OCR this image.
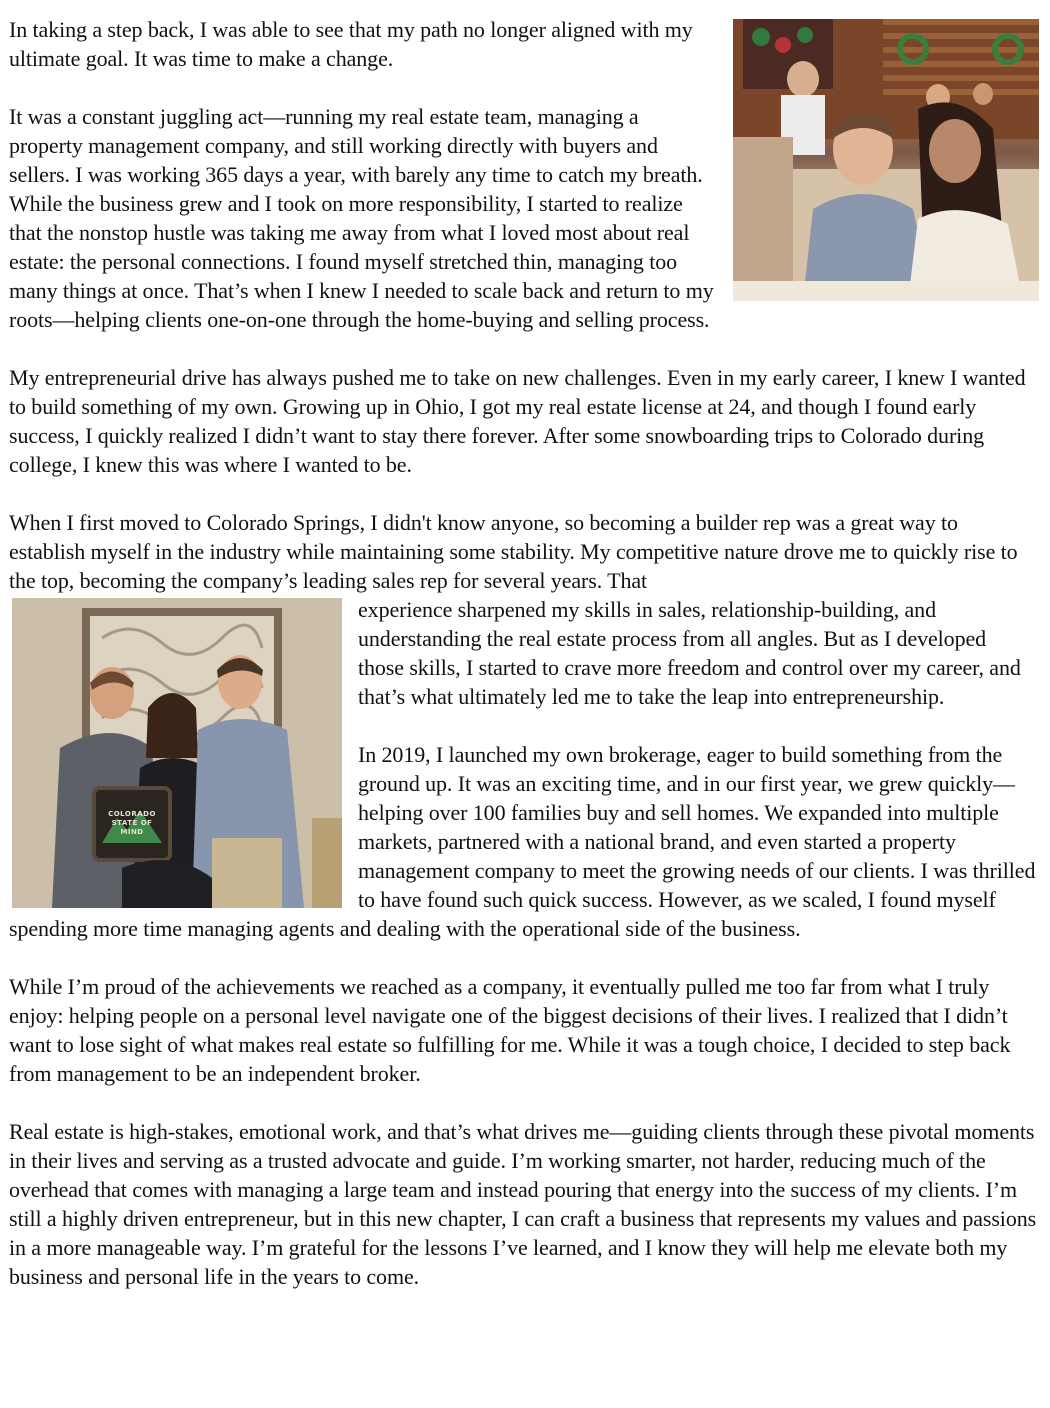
In taking a step back, I was able to see that my path no longer aligned with my ultimate goal. It was time to make a change.

It was a constant juggling act—running my real estate team, managing a property management company, and still working directly with buyers and sellers. I was working 365 days a year, with barely any time to catch my breath. While the business grew and I took on more responsibility, I started to realize that the nonstop hustle was taking me away from what I loved most about real estate: the personal connections. I found myself stretched thin, managing too many things at once. That’s when I knew I needed to scale back and return to my roots—helping clients one-on-one through the home-buying and selling process.

My entrepreneurial drive has always pushed me to take on new challenges. Even in my early career, I knew I wanted to build something of my own. Growing up in Ohio, I got my real estate license at 24, and though I found early success, I quickly realized I didn’t want to stay there forever. After some snowboarding trips to Colorado during college, I knew this was where I wanted to be.

When I first moved to Colorado Springs, I didn't know anyone, so becoming a builder rep was a great way to establish myself in the industry while maintaining some stability. My competitive nature drove me to quickly rise to the top, becoming the company’s leading sales rep for several years. That

COLORADO STATE OF MIND

experience sharpened my skills in sales, relationship-building, and understanding the real estate process from all angles. But as I developed those skills, I started to crave more freedom and control over my career, and that’s what ultimately led me to take the leap into entrepreneurship.

In 2019, I launched my own brokerage, eager to build something from the ground up. It was an exciting time, and in our first year, we grew quickly—helping over 100 families buy and sell homes. We expanded into multiple markets, partnered with a national brand, and even started a property management company to meet the growing needs of our clients. I was thrilled to have found such quick success. However, as we scaled, I found myself spending more time managing agents and dealing with the operational side of the business.

While I’m proud of the achievements we reached as a company, it eventually pulled me too far from what I truly enjoy: helping people on a personal level navigate one of the biggest decisions of their lives. I realized that I didn’t want to lose sight of what makes real estate so fulfilling for me. While it was a tough choice, I decided to step back from management to be an independent broker.

Real estate is high-stakes, emotional work, and that’s what drives me—guiding clients through these pivotal moments in their lives and serving as a trusted advocate and guide. I’m working smarter, not harder, reducing much of the overhead that comes with managing a large team and instead pouring that energy into the success of my clients. I’m still a highly driven entrepreneur, but in this new chapter, I can craft a business that represents my values and passions in a more manageable way. I’m grateful for the lessons I’ve learned, and I know they will help me elevate both my business and personal life in the years to come.
